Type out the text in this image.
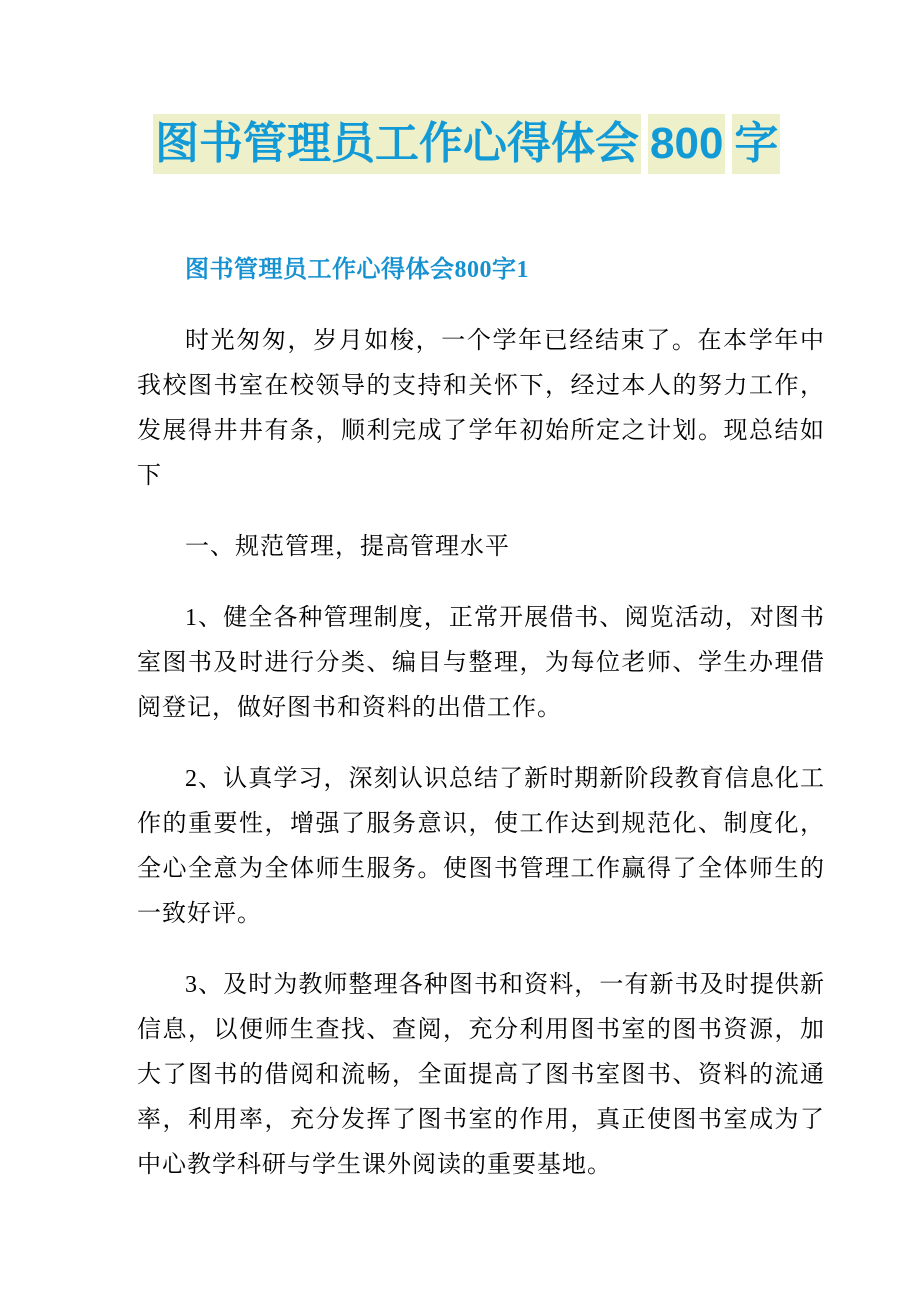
图书管理员工作心得体会 800 字

图书管理员工作心得体会800字1

时光匆匆，岁月如梭，一个学年已经结束了。在本学年中我校图书室在校领导的支持和关怀下，经过本人的努力工作，发展得井井有条，顺利完成了学年初始所定之计划。现总结如下

一、规范管理，提高管理水平

1、健全各种管理制度，正常开展借书、阅览活动，对图书室图书及时进行分类、编目与整理，为每位老师、学生办理借阅登记，做好图书和资料的出借工作。

2、认真学习，深刻认识总结了新时期新阶段教育信息化工作的重要性，增强了服务意识，使工作达到规范化、制度化，全心全意为全体师生服务。使图书管理工作赢得了全体师生的一致好评。

3、及时为教师整理各种图书和资料，一有新书及时提供新信息，以便师生查找、查阅，充分利用图书室的图书资源，加大了图书的借阅和流畅，全面提高了图书室图书、资料的流通率，利用率，充分发挥了图书室的作用，真正使图书室成为了中心教学科研与学生课外阅读的重要基地。
